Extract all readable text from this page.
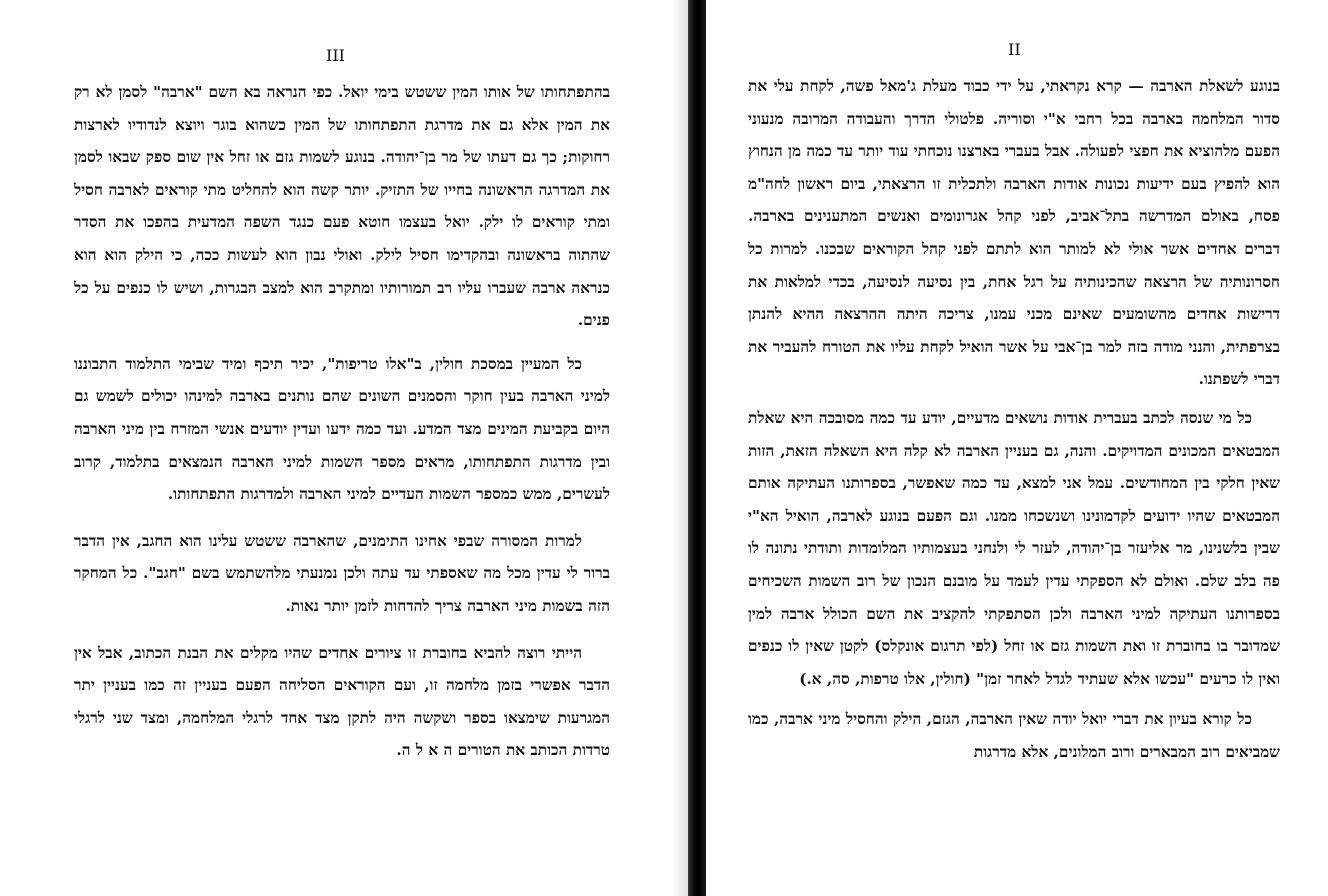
III

בהתפתחותו של אותו המין ששטש בימי יואל. כפי הנראה בא השם "ארבה" לסמן לא רק את המין אלא גם את מדרגת התפתחותו של המין כשהוא בוגר ויוצא לנדודיו לארצות רחוקות; כך גם דעתו של מר בן־יהודה. בנוגע לשמות גזם או זחל אין שום ספק שבאו לסמן את המדרגה הראשונה בחייו של התזיק. יותר קשה הוא להחליט מתי קוראים לארבה חסיל ומתי קוראים לו ילק. יואל בעצמו חוטא פעם כנגד השפה המדעית בהפכו את הסדר שהתוה בראשונה ובהקדימו חסיל לילק. ואולי נבון הוא לעשות ככה, כי הילק הוא הוא כנראה ארבה שעברו עליו רב תמורותיו ומתקרב הוא למצב הבגרות, ושיש לו כנפים על כל פנים.

כל המעיין במסכת חולין, ב"אלו טריפות", יכיר תיכף ומיד שבימי התלמוד התבוננו למיני הארבה בעין חוקר והסמנים השונים שהם נותנים בארבה למינהו יכולים לשמש גם היום בקביעת המינים מצד המדע. ועד כמה ידעו ועדין יודעים אנשי המזרח בין מיני הארבה ובין מדרגות התפתחותו, מראים מספר השמות למיני הארבה הנמצאים בתלמוד, קרוב לעשרים, ממש כמספר השמות העדיים למיני הארבה ולמדרגות התפתחותו.

למרות המסורה שבפי אחינו התימנים, שהארבה ששטש עלינו הוא החגב, אין הדבר ברור לי עדין מכל מה שאספתי עד עתה ולכן נמנעתי מלהשתמש בשם "חגב". כל המחקר הזה בשמות מיני הארבה צריך להדחות לזמן יותר נאות.

הייתי רוצה להביא בחוברת זו ציורים אחדים שהיו מקלים את הבנת הכתוב, אבל אין הדבר אפשרי בזמן מלחמה זו, ועם הקוראים הסליחה הפעם בעניין זה כמו בעניין יתר המגרעות שימצאו בספר ושקשה היה לתקן מצד אחד לרגלי המלחמה, ומצד שני לרגלי טרדות הכותב את הטורים ה א ל ה.

II

בנוגע לשאלת הארבה — קרא נקראתי, על ידי כבוד מעלת ג'מאל פשה, לקחת עלי את סדור המלחמה בארבה בכל רחבי א"י וסוריה. פלטולי הדרך והעבודה המרובה מנעוני הפעם מלהוציא את חפצי לפעולה. אבל בעברי בארצנו נוכחתי עוד יותר עד כמה מן הנחוץ הוא להפיץ בעם ידיעות נכונות אודות הארבה ולתכלית זו הרצאתי, ביום ראשון לחה"מ פסח, באולם המדרשה בתל־אביב, לפני קהל אגרונומים ואנשים המתענינים בארבה. דברים אחדים אשר אולי לא למותר הוא לתתם לפני קהל הקוראים שבכנו. למרות כל חסרונותיה של הרצאה שהכינותיה על רגל אחת, בין נסיעה לנסיעה, בכדי למלאות את דרישות אחדים מהשומעים שאינם מכני עמנו, צריכה היתה ההרצאה ההיא להנתן בצרפתית, והנני מודה בזה למר בן־אבי על אשר הואיל לקחת עליו את הטורח להעביר את דברי לשפתנו.

כל מי שנסה לכתב בעברית אודות נושאים מדעיים, יודע עד כמה מסובכה היא שאלת המבטאים המכונים המדויקים. והנה, גם בעניין הארבה לא קלה היא השאלה הזאת, הזות שאין חלקי בין המחודשים. עמל אני למצא, עד כמה שאפשר, בספרותנו העתיקה אותם המבטאים שהיו ידועים לקדמונינו ושנשכחו ממנו. וגם הפעם בנוגע לארבה, הואיל הא"י שבין בלשנינו, מר אליעזר בן־יהודה, לעזר לי ולנחני בעצמותיו המלומדות ותודתי נתונה לו פה בלב שלם. ואולם לא הספקתי עדין לעמד על מובנם הנכון של רוב השמות השכיחים בספרותנו העתיקה למיני הארבה ולכן הסתפקתי להקציב את השם הכולל ארבה למין שמדובר בו בחוברת זו ואת השמות גזם או זחל (לפי תרגום אונקלס) לקטן שאין לו כנפים ואין לו כרעים "עכשו אלא שעתיד לגדל לאחר זמן" (חולין, אלו טרפות, סה, א.)

כל קורא בעיון את דברי יואל יודה שאין הארבה, הגזם, הילק והחסיל מיני ארבה, כמו שמביאים רוב המבארים ורוב המלונים, אלא מדרגות
